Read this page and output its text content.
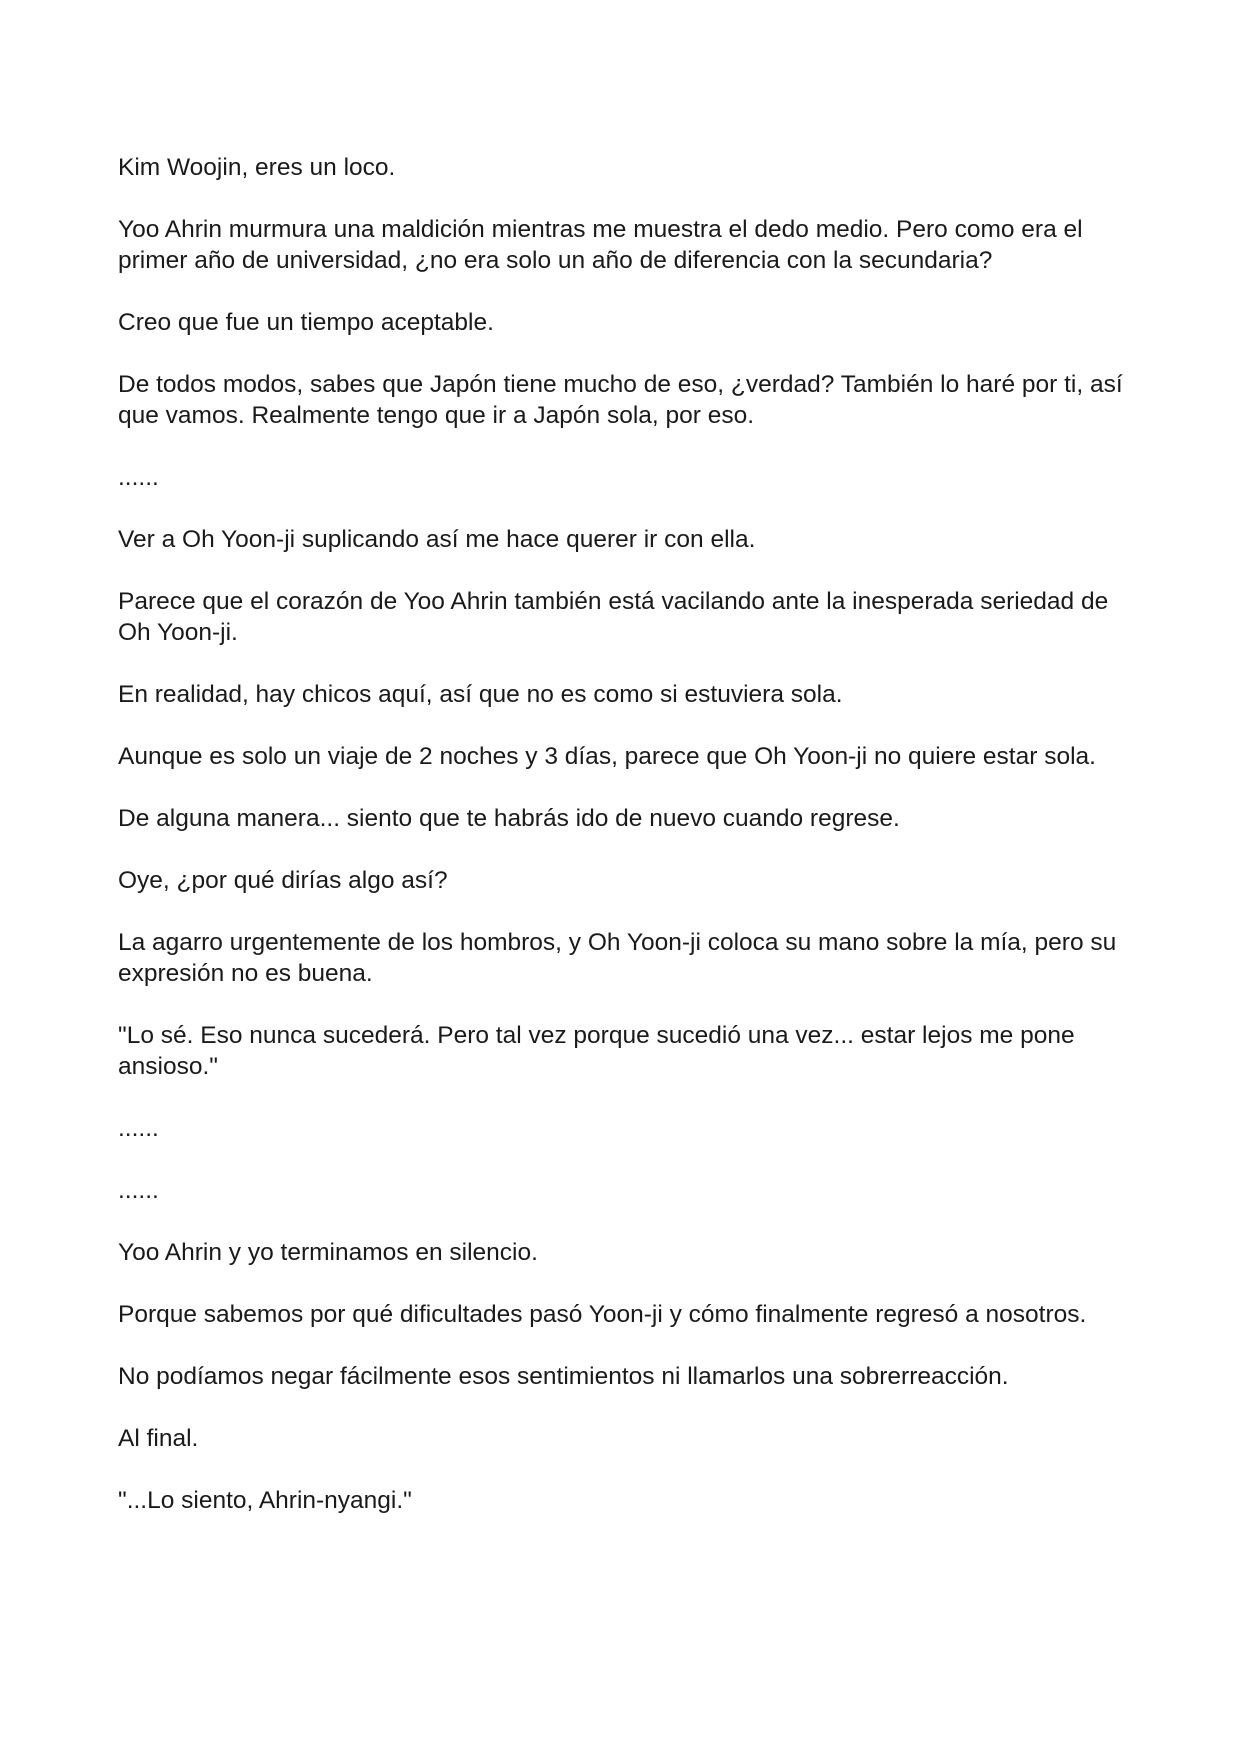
Kim Woojin, eres un loco.

Yoo Ahrin murmura una maldición mientras me muestra el dedo medio. Pero como era el primer año de universidad, ¿no era solo un año de diferencia con la secundaria?

Creo que fue un tiempo aceptable.

De todos modos, sabes que Japón tiene mucho de eso, ¿verdad? También lo haré por ti, así que vamos. Realmente tengo que ir a Japón sola, por eso.

......

Ver a Oh Yoon-ji suplicando así me hace querer ir con ella.

Parece que el corazón de Yoo Ahrin también está vacilando ante la inesperada seriedad de Oh Yoon-ji.

En realidad, hay chicos aquí, así que no es como si estuviera sola.

Aunque es solo un viaje de 2 noches y 3 días, parece que Oh Yoon-ji no quiere estar sola.

De alguna manera... siento que te habrás ido de nuevo cuando regrese.

Oye, ¿por qué dirías algo así?

La agarro urgentemente de los hombros, y Oh Yoon-ji coloca su mano sobre la mía, pero su expresión no es buena.

"Lo sé. Eso nunca sucederá. Pero tal vez porque sucedió una vez... estar lejos me pone ansioso."

......

......

Yoo Ahrin y yo terminamos en silencio.

Porque sabemos por qué dificultades pasó Yoon-ji y cómo finalmente regresó a nosotros.

No podíamos negar fácilmente esos sentimientos ni llamarlos una sobrerreacción.

Al final.

"...Lo siento, Ahrin-nyangi."
